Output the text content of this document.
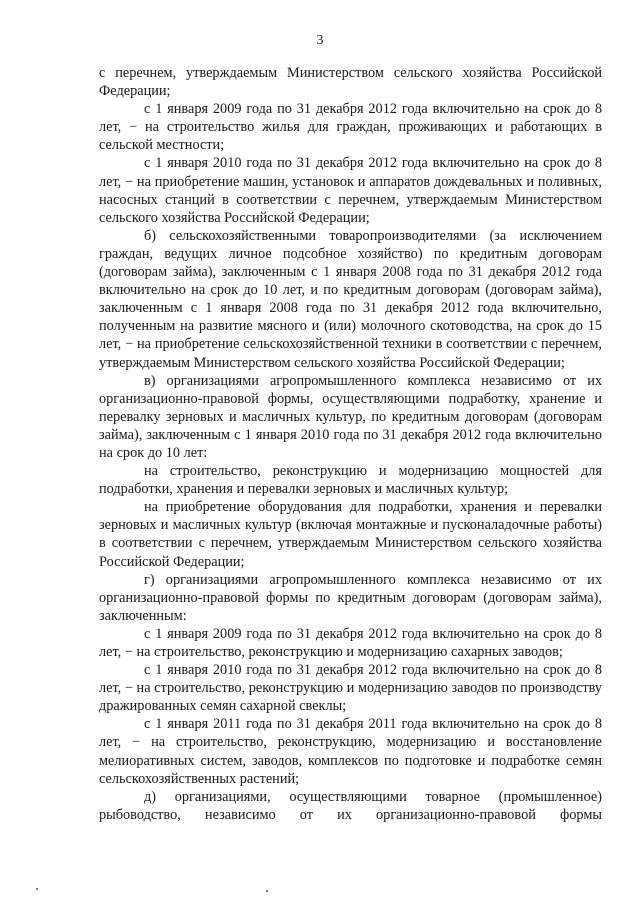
3

с перечнем, утверждаемым Министерством сельского хозяйства Российской Федерации;

с 1 января 2009 года по 31 декабря 2012 года включительно на срок до 8 лет, − на строительство жилья для граждан, проживающих и работающих в сельской местности;

с 1 января 2010 года по 31 декабря 2012 года включительно на срок до 8 лет, − на приобретение машин, установок и аппаратов дождевальных и поливных, насосных станций в соответствии с перечнем, утверждаемым Министерством сельского хозяйства Российской Федерации;

б) сельскохозяйственными товаропроизводителями (за исключением граждан, ведущих личное подсобное хозяйство) по кредитным договорам (договорам займа), заключенным с 1 января 2008 года по 31 декабря 2012 года включительно на срок до 10 лет, и по кредитным договорам (договорам займа), заключенным с 1 января 2008 года по 31 декабря 2012 года включительно, полученным на развитие мясного и (или) молочного скотоводства, на срок до 15 лет, − на приобретение сельскохозяйственной техники в соответствии с перечнем, утверждаемым Министерством сельского хозяйства Российской Федерации;

в) организациями агропромышленного комплекса независимо от их организационно-правовой формы, осуществляющими подработку, хранение и перевалку зерновых и масличных культур, по кредитным договорам (договорам займа), заключенным с 1 января 2010 года по 31 декабря 2012 года включительно на срок до 10 лет:

на строительство, реконструкцию и модернизацию мощностей для подработки, хранения и перевалки зерновых и масличных культур;

на приобретение оборудования для подработки, хранения и перевалки зерновых и масличных культур (включая монтажные и пусконаладочные работы) в соответствии с перечнем, утверждаемым Министерством сельского хозяйства Российской Федерации;

г) организациями агропромышленного комплекса независимо от их организационно-правовой формы по кредитным договорам (договорам займа), заключенным:

с 1 января 2009 года по 31 декабря 2012 года включительно на срок до 8 лет, − на строительство, реконструкцию и модернизацию сахарных заводов;

с 1 января 2010 года по 31 декабря 2012 года включительно на срок до 8 лет, − на строительство, реконструкцию и модернизацию заводов по производству дражированных семян сахарной свеклы;

с 1 января 2011 года по 31 декабря 2011 года включительно на срок до 8 лет, − на строительство, реконструкцию, модернизацию и восстановление мелиоративных систем, заводов, комплексов по подготовке и подработке семян сельскохозяйственных растений;

д) организациями, осуществляющими товарное (промышленное) рыбоводство, независимо от их организационно-правовой формы
